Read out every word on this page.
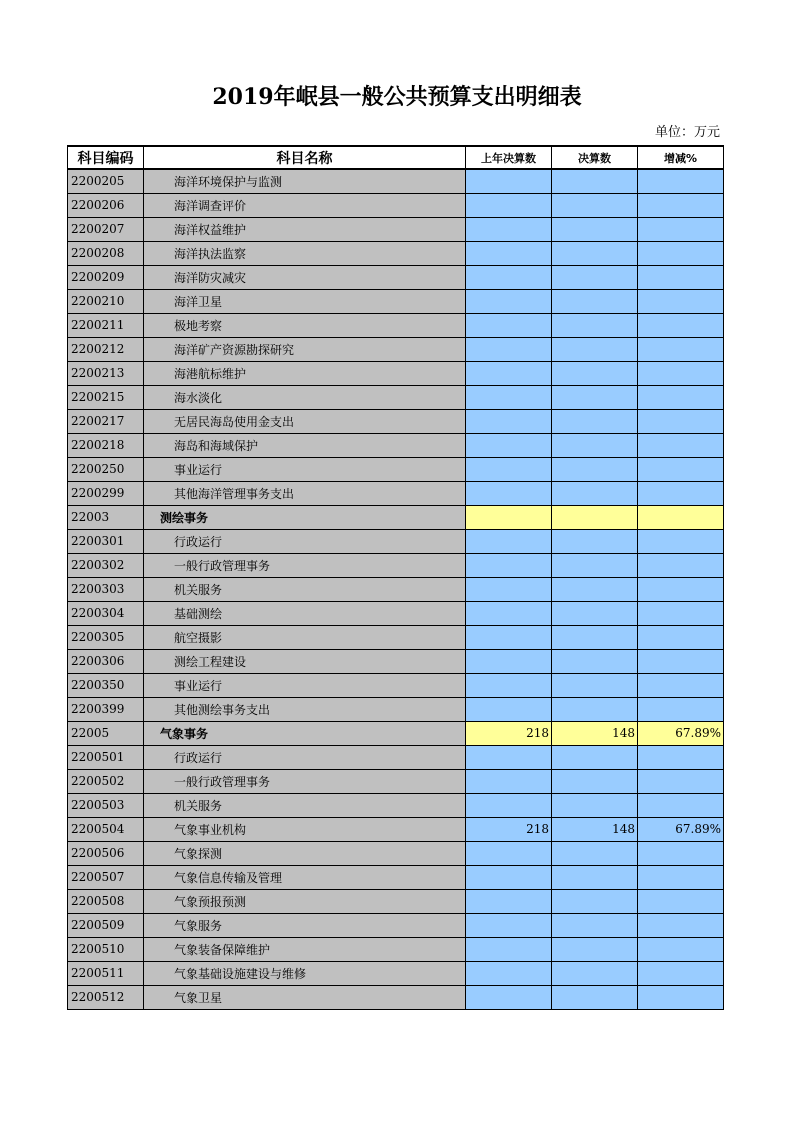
2019年岷县一般公共预算支出明细表
单位：万元
科目编码	科目名称	上年决算数	决算数	增减%
2200205	海洋环境保护与监测			
2200206	海洋调查评价			
2200207	海洋权益维护			
2200208	海洋执法监察			
2200209	海洋防灾减灾			
2200210	海洋卫星			
2200211	极地考察			
2200212	海洋矿产资源勘探研究			
2200213	海港航标维护			
2200215	海水淡化			
2200217	无居民海岛使用金支出			
2200218	海岛和海域保护			
2200250	事业运行			
2200299	其他海洋管理事务支出			
22003	测绘事务			
2200301	行政运行			
2200302	一般行政管理事务			
2200303	机关服务			
2200304	基础测绘			
2200305	航空摄影			
2200306	测绘工程建设			
2200350	事业运行			
2200399	其他测绘事务支出			
22005	气象事务	218	148	67.89%
2200501	行政运行			
2200502	一般行政管理事务			
2200503	机关服务			
2200504	气象事业机构	218	148	67.89%
2200506	气象探测			
2200507	气象信息传输及管理			
2200508	气象预报预测			
2200509	气象服务			
2200510	气象装备保障维护			
2200511	气象基础设施建设与维修			
2200512	气象卫星			
